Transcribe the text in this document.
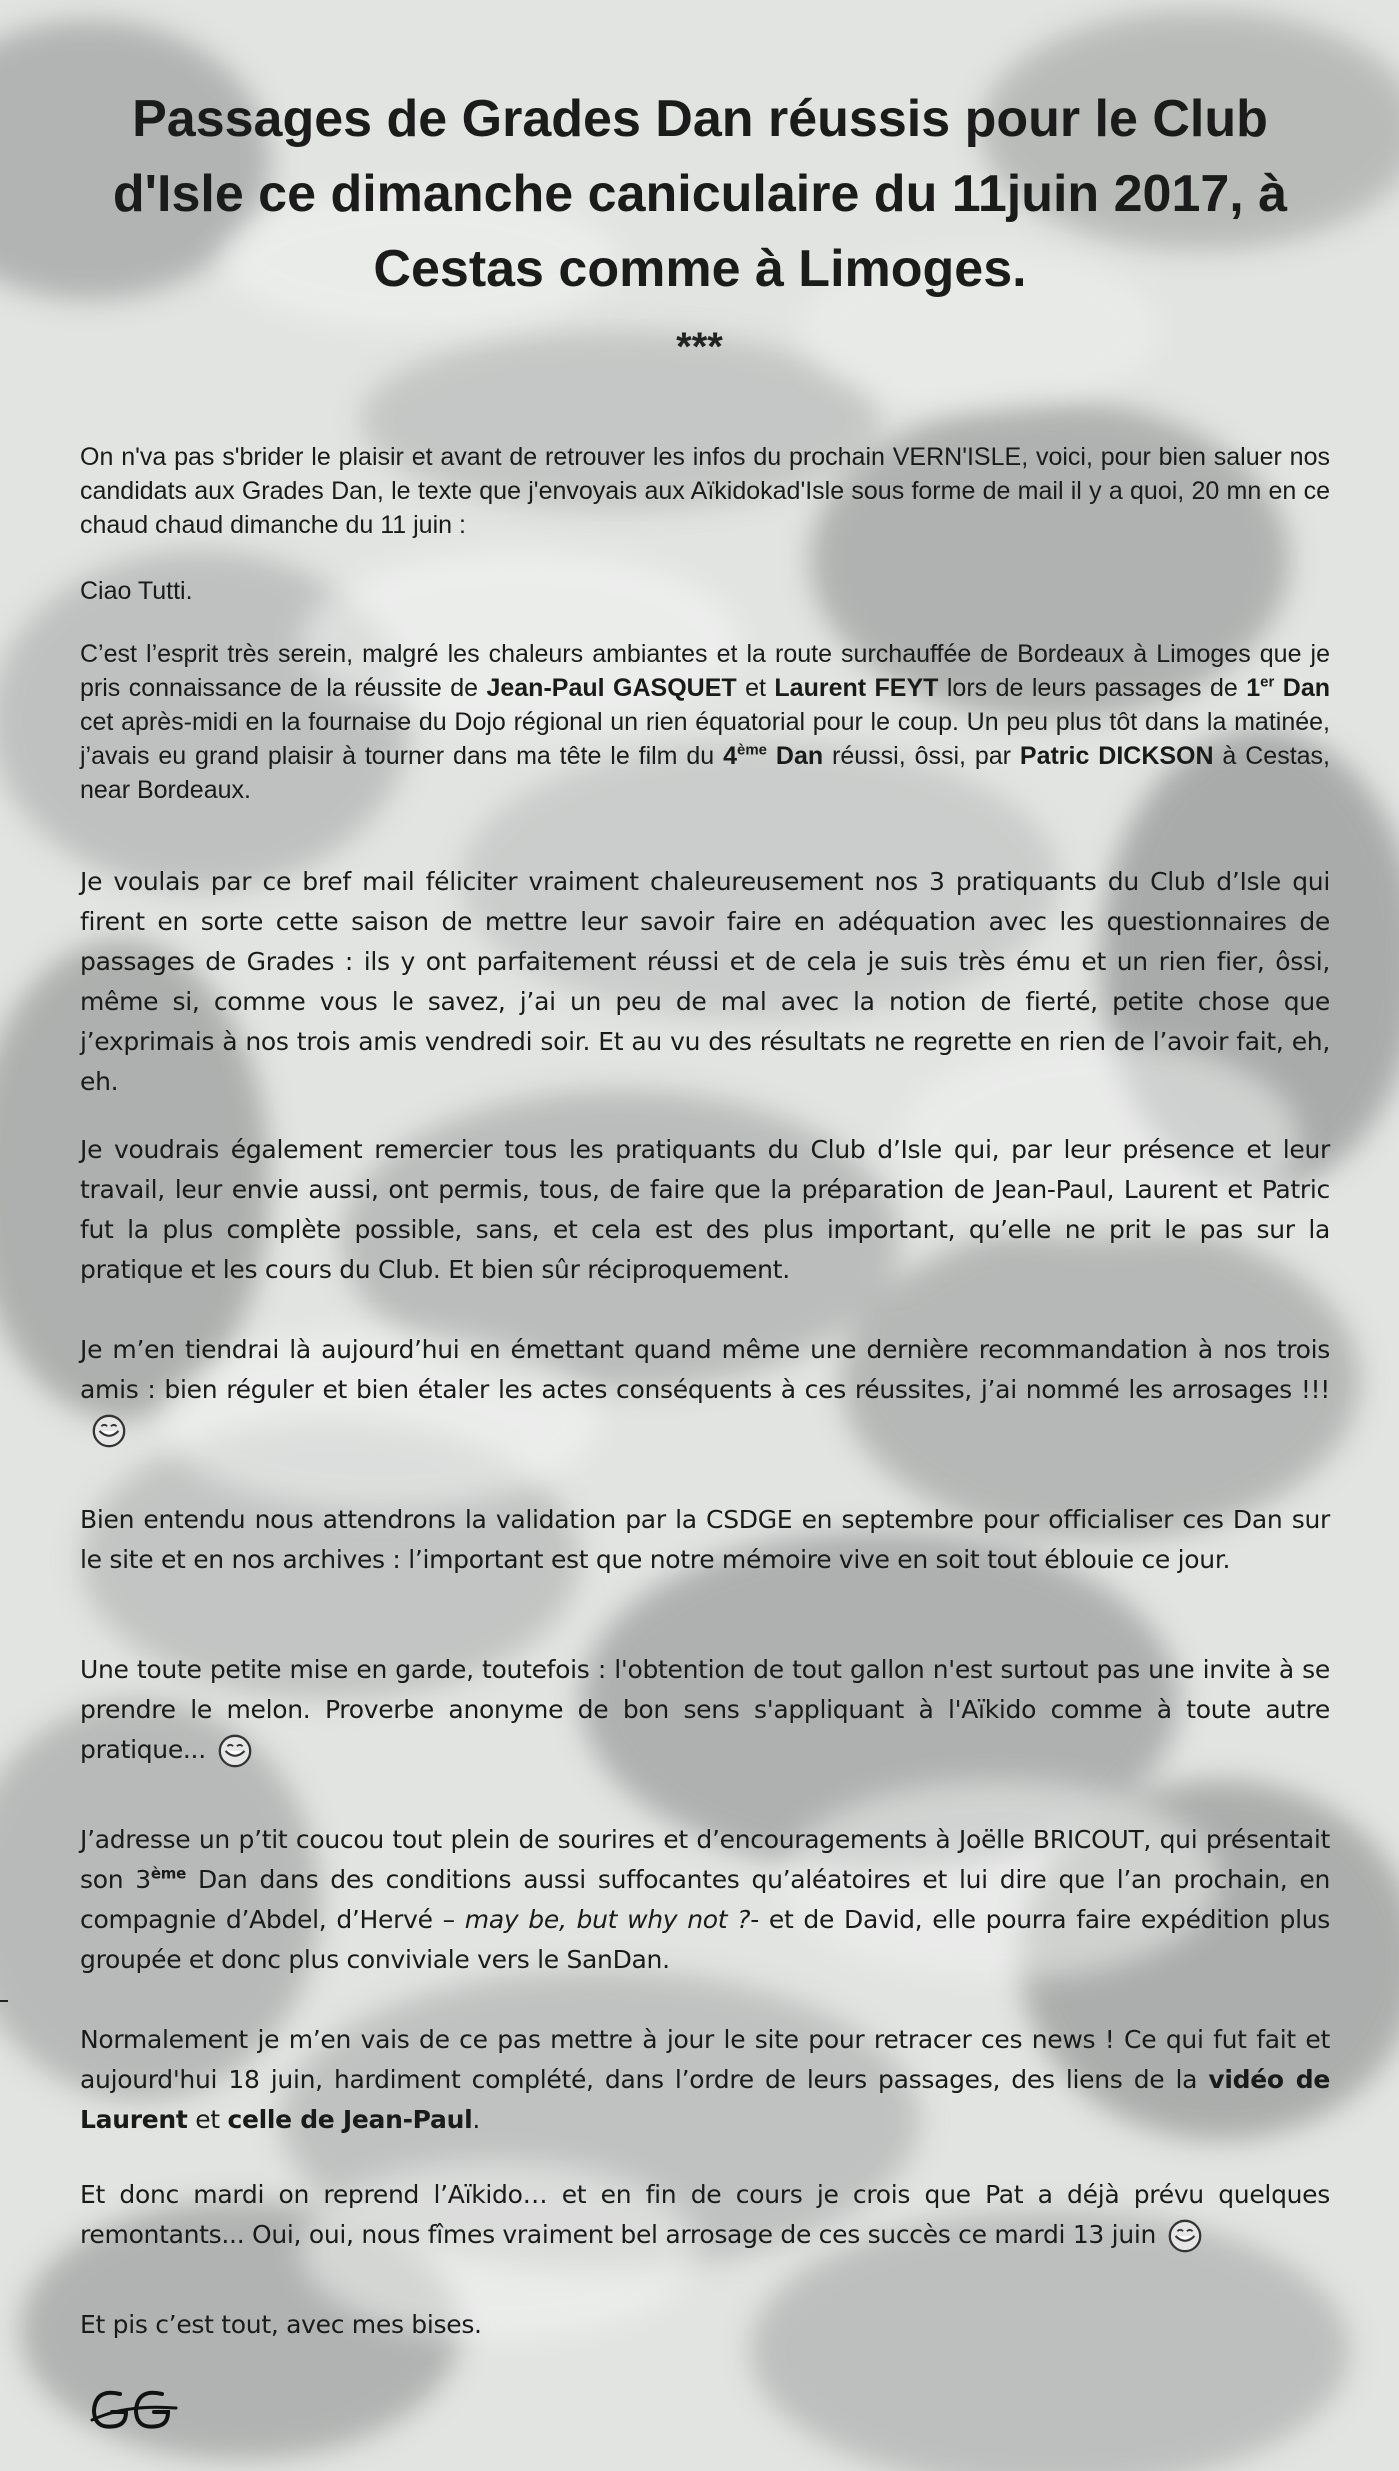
Passages de Grades Dan réussis pour le Club d'Isle ce dimanche caniculaire du 11juin 2017, à Cestas comme à Limoges.
***

On n'va pas s'brider le plaisir et avant de retrouver les infos du prochain VERN'ISLE, voici, pour bien saluer nos candidats aux Grades Dan, le texte que j'envoyais aux Aïkidokad'Isle sous forme de mail il y a quoi, 20 mn en ce chaud chaud dimanche du 11 juin :

Ciao Tutti.

C’est l’esprit très serein, malgré les chaleurs ambiantes et la route surchauffée de Bordeaux à Limoges que je pris connaissance de la réussite de Jean-Paul GASQUET et Laurent FEYT lors de leurs passages de 1er Dan cet après-midi en la fournaise du Dojo régional un rien équatorial pour le coup. Un peu plus tôt dans la matinée, j’avais eu grand plaisir à tourner dans ma tête le film du 4ème Dan réussi, ôssi, par Patric DICKSON à Cestas, near Bordeaux.

Je voulais par ce bref mail féliciter vraiment chaleureusement nos 3 pratiquants du Club d’Isle qui firent en sorte cette saison de mettre leur savoir faire en adéquation avec les questionnaires de passages de Grades : ils y ont parfaitement réussi et de cela je suis très ému et un rien fier, ôssi, même si, comme vous le savez, j’ai un peu de mal avec la notion de fierté, petite chose que j’exprimais à nos trois amis vendredi soir. Et au vu des résultats ne regrette en rien de l’avoir fait, eh, eh.

Je voudrais également remercier tous les pratiquants du Club d’Isle qui, par leur présence et leur travail, leur envie aussi, ont permis, tous, de faire que la préparation de Jean-Paul, Laurent et Patric fut la plus complète possible, sans, et cela est des plus important, qu’elle ne prit le pas sur la pratique et les cours du Club. Et bien sûr réciproquement.

Je m’en tiendrai là aujourd’hui en émettant quand même une dernière recommandation à nos trois amis : bien réguler et bien étaler les actes conséquents à ces réussites, j’ai nommé les arrosages !!!

Bien entendu nous attendrons la validation par la CSDGE en septembre pour officialiser ces Dan sur le site et en nos archives : l’important est que notre mémoire vive en soit tout éblouie ce jour.

Une toute petite mise en garde, toutefois : l'obtention de tout gallon n'est surtout pas une invite à se prendre le melon. Proverbe anonyme de bon sens s'appliquant à l'Aïkido comme à toute autre pratique...

J’adresse un p’tit coucou tout plein de sourires et d’encouragements à Joëlle BRICOUT, qui présentait son 3ème Dan dans des conditions aussi suffocantes qu’aléatoires et lui dire que l’an prochain, en compagnie d’Abdel, d’Hervé – may be, but why not ?- et de David, elle pourra faire expédition plus groupée et donc plus conviviale vers le SanDan.

Normalement je m’en vais de ce pas mettre à jour le site pour retracer ces news ! Ce qui fut fait et aujourd'hui 18 juin, hardiment complété, dans l’ordre de leurs passages, des liens de la vidéo de Laurent et celle de Jean-Paul.

Et donc mardi on reprend l’Aïkido… et en fin de cours je crois que Pat a déjà prévu quelques remontants... Oui, oui, nous fîmes vraiment bel arrosage de ces succès ce mardi 13 juin

Et pis c’est tout, avec mes bises.
